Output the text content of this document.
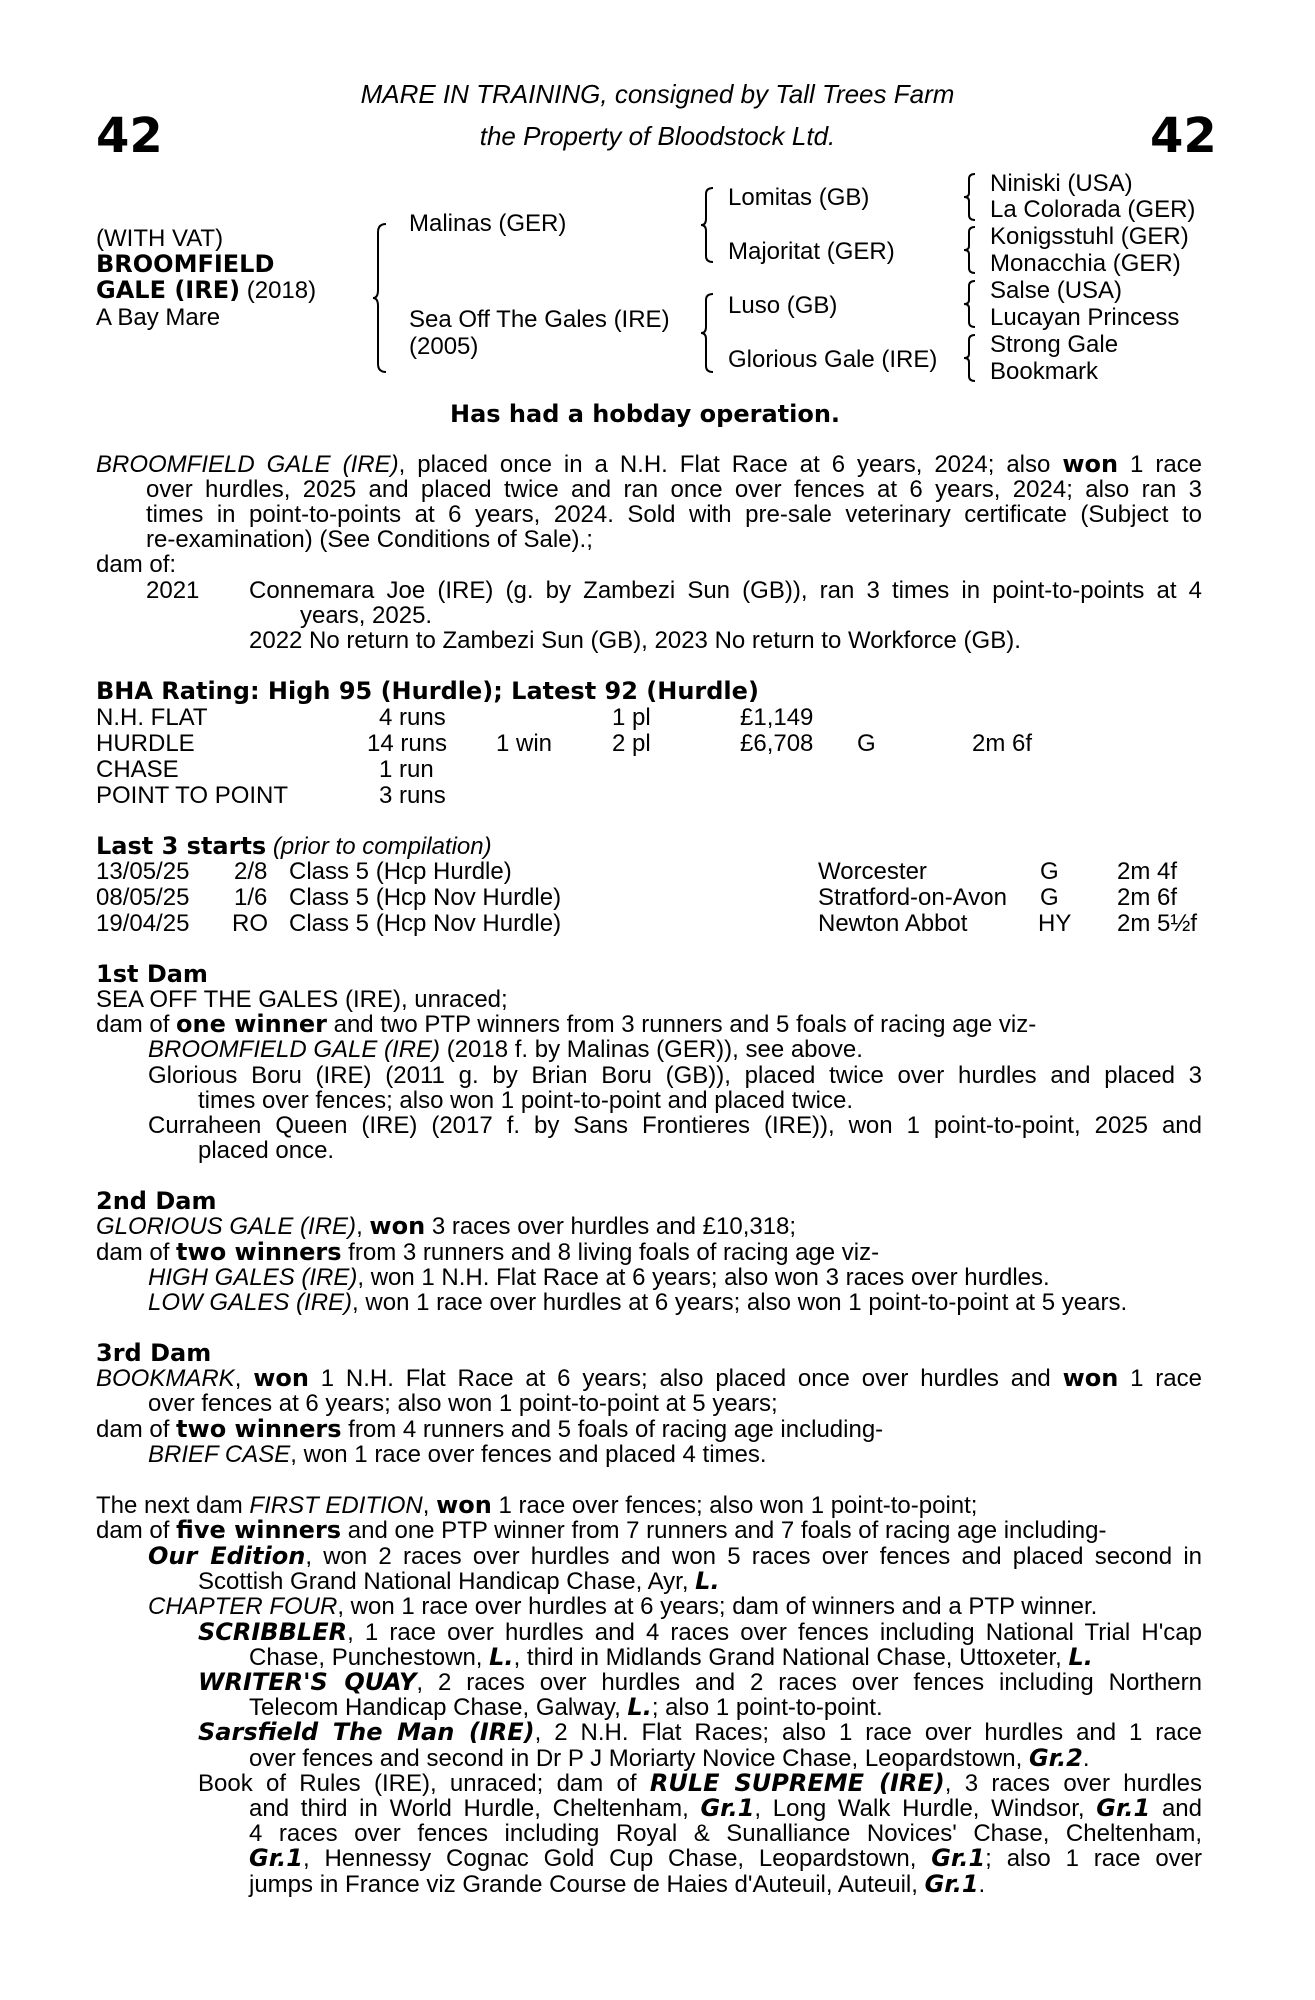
42	42
MARE IN TRAINING, consigned by Tall Trees Farm
the Property of Bloodstock Ltd.
(WITH VAT)
BROOMFIELD
GALE (IRE) (2018)
A Bay Mare
Malinas (GER)
Sea Off The Gales (IRE)
(2005)
Lomitas (GB)
Majoritat (GER)
Luso (GB)
Glorious Gale (IRE)
Niniski (USA)
La Colorada (GER)
Konigsstuhl (GER)
Monacchia (GER)
Salse (USA)
Lucayan Princess
Strong Gale
Bookmark
Has had a hobday operation.
BROOMFIELD GALE (IRE), placed once in a N.H. Flat Race at 6 years, 2024; also won 1 race
over hurdles, 2025 and placed twice and ran once over fences at 6 years, 2024; also ran 3
times in point-to-points at 6 years, 2024. Sold with pre-sale veterinary certificate (Subject to
re-examination) (See Conditions of Sale).;
dam of:
2021 Connemara Joe (IRE) (g. by Zambezi Sun (GB)), ran 3 times in point-to-points at 4
years, 2025.
2022 No return to Zambezi Sun (GB), 2023 No return to Workforce (GB).
BHA Rating: High 95 (Hurdle); Latest 92 (Hurdle)
N.H. FLAT	4 runs	1 pl	£1,149
HURDLE	14 runs 1 win 2 pl	£6,708 G	2m 6f
CHASE	1 run
POINT TO POINT	3 runs
Last 3 starts (prior to compilation)
13/05/25 2/8 Class 5 (Hcp Hurdle)	Worcester	G 2m 4f
08/05/25 1/6 Class 5 (Hcp Nov Hurdle)	Stratford-on-Avon G 2m 6f
19/04/25 RO Class 5 (Hcp Nov Hurdle)	Newton Abbot	HY 2m 5½f
1st Dam
SEA OFF THE GALES (IRE), unraced;
dam of one winner and two PTP winners from 3 runners and 5 foals of racing age viz-
BROOMFIELD GALE (IRE) (2018 f. by Malinas (GER)), see above.
Glorious Boru (IRE) (2011 g. by Brian Boru (GB)), placed twice over hurdles and placed 3
times over fences; also won 1 point-to-point and placed twice.
Curraheen Queen (IRE) (2017 f. by Sans Frontieres (IRE)), won 1 point-to-point, 2025 and
placed once.
2nd Dam
GLORIOUS GALE (IRE), won 3 races over hurdles and £10,318;
dam of two winners from 3 runners and 8 living foals of racing age viz-
HIGH GALES (IRE), won 1 N.H. Flat Race at 6 years; also won 3 races over hurdles.
LOW GALES (IRE), won 1 race over hurdles at 6 years; also won 1 point-to-point at 5 years.
3rd Dam
BOOKMARK, won 1 N.H. Flat Race at 6 years; also placed once over hurdles and won 1 race
over fences at 6 years; also won 1 point-to-point at 5 years;
dam of two winners from 4 runners and 5 foals of racing age including-
BRIEF CASE, won 1 race over fences and placed 4 times.
The next dam FIRST EDITION, won 1 race over fences; also won 1 point-to-point;
dam of five winners and one PTP winner from 7 runners and 7 foals of racing age including-
Our Edition, won 2 races over hurdles and won 5 races over fences and placed second in
Scottish Grand National Handicap Chase, Ayr, L.
CHAPTER FOUR, won 1 race over hurdles at 6 years; dam of winners and a PTP winner.
SCRIBBLER, 1 race over hurdles and 4 races over fences including National Trial H'cap
Chase, Punchestown, L., third in Midlands Grand National Chase, Uttoxeter, L.
WRITER'S QUAY, 2 races over hurdles and 2 races over fences including Northern
Telecom Handicap Chase, Galway, L.; also 1 point-to-point.
Sarsfield The Man (IRE), 2 N.H. Flat Races; also 1 race over hurdles and 1 race
over fences and second in Dr P J Moriarty Novice Chase, Leopardstown, Gr.2.
Book of Rules (IRE), unraced; dam of RULE SUPREME (IRE), 3 races over hurdles
and third in World Hurdle, Cheltenham, Gr.1, Long Walk Hurdle, Windsor, Gr.1 and
4 races over fences including Royal & Sunalliance Novices' Chase, Cheltenham,
Gr.1, Hennessy Cognac Gold Cup Chase, Leopardstown, Gr.1; also 1 race over
jumps in France viz Grande Course de Haies d'Auteuil, Auteuil, Gr.1.
